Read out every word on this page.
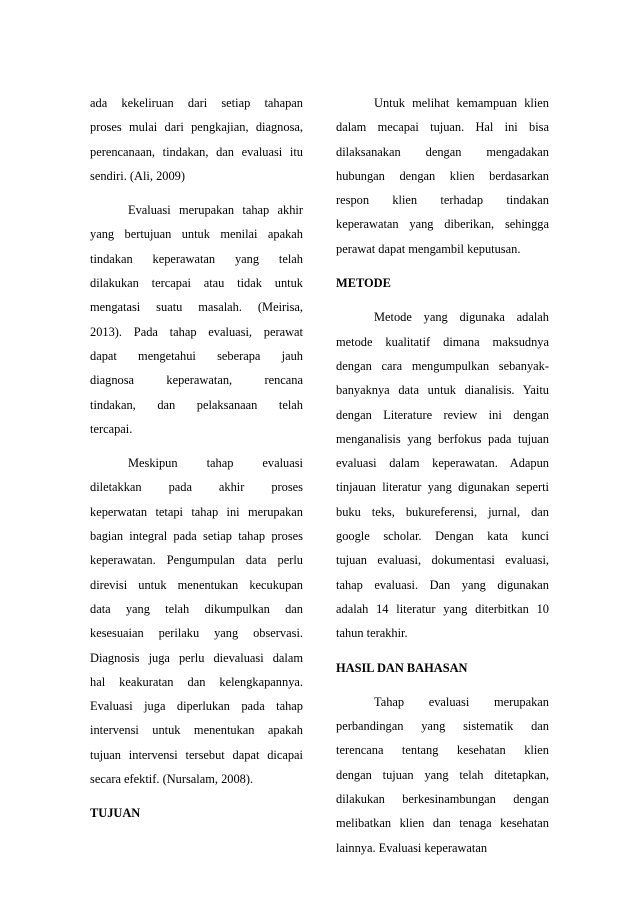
ada kekeliruan dari setiap tahapan
proses mulai dari pengkajian, diagnosa,
perencanaan, tindakan, dan evaluasi itu
sendiri. (Ali, 2009)
Evaluasi merupakan tahap akhir
yang bertujuan untuk menilai apakah
tindakan keperawatan yang telah
dilakukan tercapai atau tidak untuk
mengatasi suatu masalah. (Meirisa,
2013). Pada tahap evaluasi, perawat
dapat mengetahui seberapa jauh
diagnosa keperawatan, rencana
tindakan, dan pelaksanaan telah
tercapai.
Meskipun tahap evaluasi
diletakkan pada akhir proses
keperwatan tetapi tahap ini merupakan
bagian integral pada setiap tahap proses
keperawatan. Pengumpulan data perlu
direvisi untuk menentukan kecukupan
data yang telah dikumpulkan dan
kesesuaian perilaku yang observasi.
Diagnosis juga perlu dievaluasi dalam
hal keakuratan dan kelengkapannya.
Evaluasi juga diperlukan pada tahap
intervensi untuk menentukan apakah
tujuan intervensi tersebut dapat dicapai
secara efektif. (Nursalam, 2008).
TUJUAN
Untuk melihat kemampuan klien
dalam mecapai tujuan. Hal ini bisa
dilaksanakan dengan mengadakan
hubungan dengan klien berdasarkan
respon klien terhadap tindakan
keperawatan yang diberikan, sehingga
perawat dapat mengambil keputusan.
METODE
Metode yang digunaka adalah
metode kualitatif dimana maksudnya
dengan cara mengumpulkan sebanyak-
banyaknya data untuk dianalisis. Yaitu
dengan Literature review ini dengan
menganalisis yang berfokus pada tujuan
evaluasi dalam keperawatan. Adapun
tinjauan literatur yang digunakan seperti
buku teks, bukureferensi, jurnal, dan
google scholar. Dengan kata kunci
tujuan evaluasi, dokumentasi evaluasi,
tahap evaluasi. Dan yang digunakan
adalah 14 literatur yang diterbitkan 10
tahun terakhir.
HASIL DAN BAHASAN
Tahap evaluasi merupakan
perbandingan yang sistematik dan
terencana tentang kesehatan klien
dengan tujuan yang telah ditetapkan,
dilakukan berkesinambungan dengan
melibatkan klien dan tenaga kesehatan
lainnya. Evaluasi keperawatan
